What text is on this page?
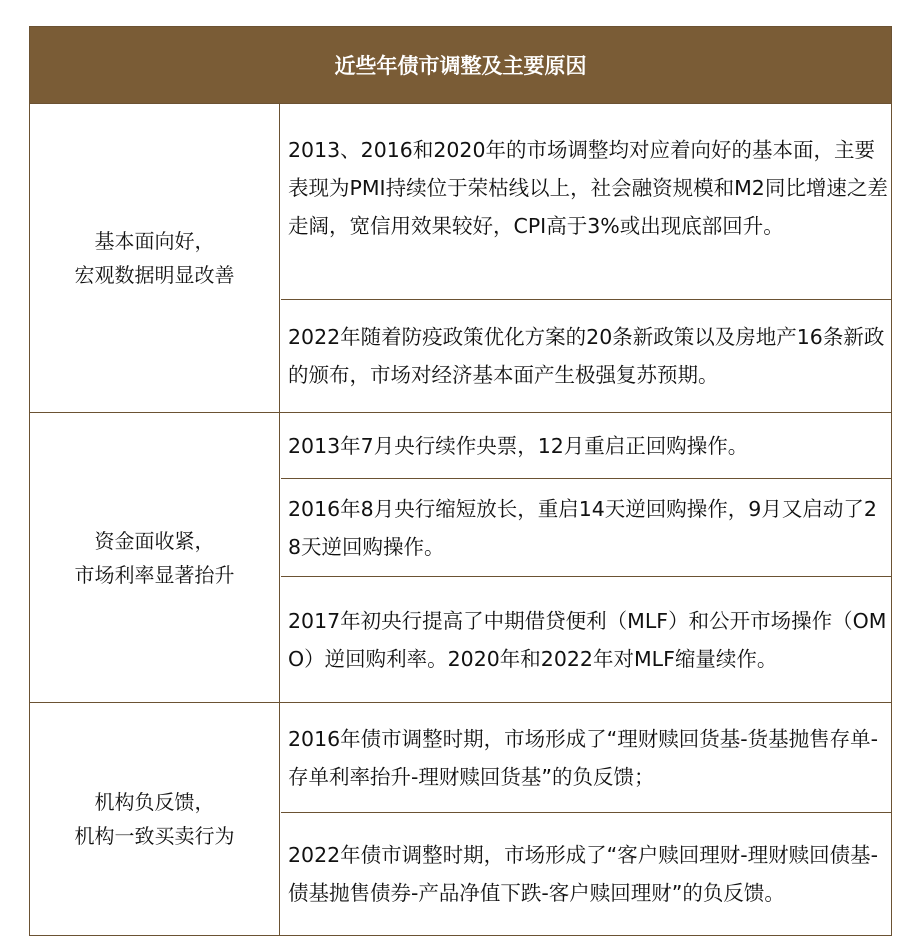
近些年债市调整及主要原因
基本面向好，
宏观数据明显改善
2013、2016和2020年的市场调整均对应着向好的基本面，主要表现为PMI持续位于荣枯线以上，社会融资规模和M2同比增速之差走阔，宽信用效果较好，CPI高于3%或出现底部回升。
2022年随着防疫政策优化方案的20条新政策以及房地产16条新政的颁布，市场对经济基本面产生极强复苏预期。
资金面收紧，
市场利率显著抬升
2013年7月央行续作央票，12月重启正回购操作。
2016年8月央行缩短放长，重启14天逆回购操作，9月又启动了28天逆回购操作。
2017年初央行提高了中期借贷便利（MLF）和公开市场操作（OMO）逆回购利率。2020年和2022年对MLF缩量续作。
机构负反馈，
机构一致买卖行为
2016年债市调整时期，市场形成了“理财赎回货基-货基抛售存单-存单利率抬升-理财赎回货基”的负反馈；
2022年债市调整时期，市场形成了“客户赎回理财-理财赎回债基-债基抛售债券-产品净值下跌-客户赎回理财”的负反馈。
